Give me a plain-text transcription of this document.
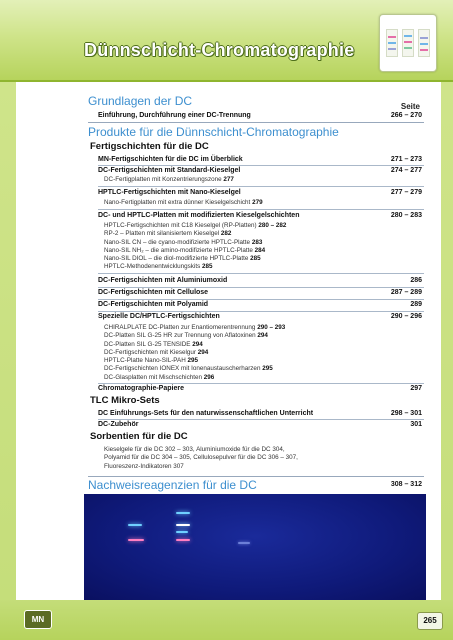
Dünnschicht-Chromatographie
Seite
Grundlagen der DC
Einführung, Durchführung einer DC-Trennung	266 – 270
Produkte für die Dünnschicht-Chromatographie
Fertigschichten für die DC
MN-Fertigschichten für die DC im Überblick	271 – 273
DC-Fertigschichten mit Standard-Kieselgel	274 – 277
DC-Fertigplatten mit Konzentrierungszone 277
HPTLC-Fertigschichten mit Nano-Kieselgel	277 – 279
Nano-Fertigplatten mit extra dünner Kieselgelschicht 279
DC- und HPTLC-Platten mit modifizierten Kieselgelschichten	280 – 283
HPTLC-Fertigschichten mit C18 Kieselgel (RP-Platten) 280 – 282
RP-2 – Platten mit silanisiertem Kieselgel 282
Nano-SIL CN – die cyano-modifizierte HPTLC-Platte 283
Nano-SIL NH₂ – die amino-modifizierte HPTLC-Platte 284
Nano-SIL DIOL – die diol-modifizierte HPTLC-Platte 285
HPTLC-Methodenentwicklungskits 285
DC-Fertigschichten mit Aluminiumoxid	286
DC-Fertigschichten mit Cellulose	287 – 289
DC-Fertigschichten mit Polyamid	289
Spezielle DC/HPTLC-Fertigschichten	290 – 296
CHIRALPLATE DC-Platten zur Enantiomerentrennung 290 – 293
DC-Platten SIL G-25 HR zur Trennung von Aflatoxinen 294
DC-Platten SIL G-25 TENSIDE 294
DC-Fertigschichten mit Kieselgur 294
HPTLC-Platte Nano-SIL-PAH 295
DC-Fertigschichten IONEX mit Ionenaustauscherharzen 295
DC-Glasplatten mit Mischschichten 296
Chromatographie-Papiere	297
TLC Mikro-Sets
DC Einführungs-Sets für den naturwissenschaftlichen Unterricht	298 – 301
DC-Zubehör	301
Sorbentien für die DC
Kieselgele für die DC 302 – 303, Aluminiumoxide für die DC 304,
Polyamid für die DC 304 – 305, Cellulosepulver für die DC 306 – 307,
Fluoreszenz-Indikatoren 307
Nachweisreagenzien für die DC	308 – 312
MN	265
